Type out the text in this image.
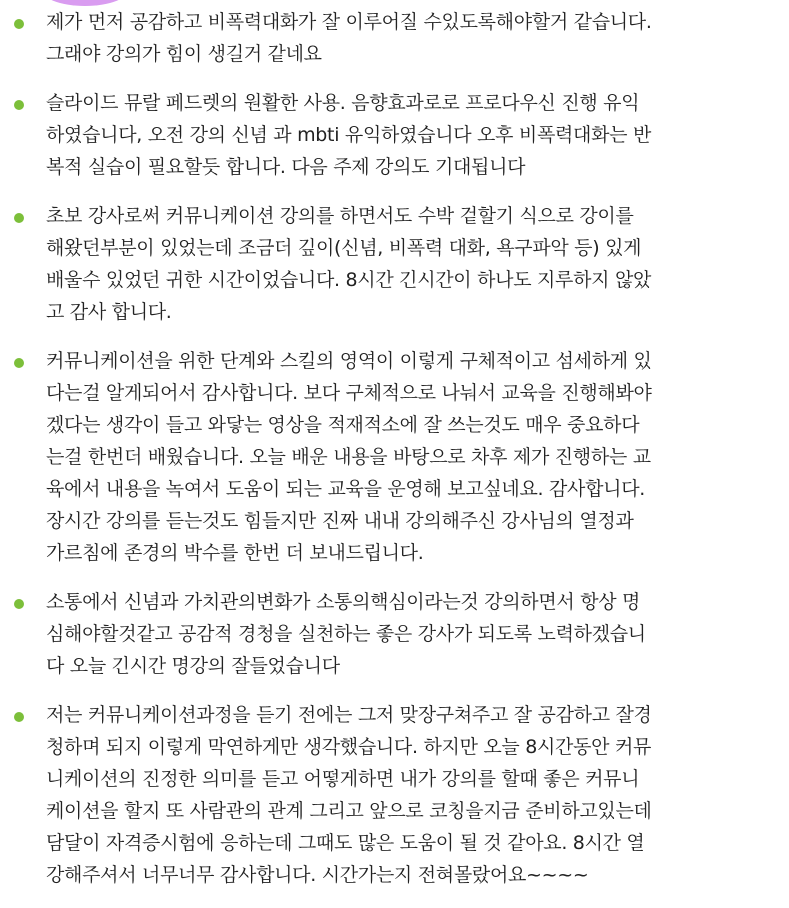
제가 먼저 공감하고 비폭력대화가 잘 이루어질 수있도록해야할거 같습니다.
그래야 강의가 힘이 생길거 같네요
슬라이드 뮤랄 페드렛의 원활한 사용. 음향효과로로 프로다우신 진행 유익
하였습니다, 오전 강의 신념 과 mbti 유익하였습니다 오후 비폭력대화는 반
복적 실습이 필요할듯 합니다. 다음 주제 강의도 기대됩니다
초보 강사로써 커뮤니케이션 강의를 하면서도 수박 겉할기 식으로 강이를
해왔던부분이 있었는데 조금더 깊이(신념, 비폭력 대화, 욕구파악 등) 있게
배울수 있었던 귀한 시간이었습니다. 8시간 긴시간이 하나도 지루하지 않았
고 감사 합니다.
커뮤니케이션을 위한 단계와 스킬의 영역이 이렇게 구체적이고 섬세하게 있
다는걸 알게되어서 감사합니다. 보다 구체적으로 나눠서 교육을 진행해봐야
겠다는 생각이 들고 와닿는 영상을 적재적소에 잘 쓰는것도 매우 중요하다
는걸 한번더 배웠습니다. 오늘 배운 내용을 바탕으로 차후 제가 진행하는 교
육에서 내용을 녹여서 도움이 되는 교육을 운영해 보고싶네요. 감사합니다.
장시간 강의를 듣는것도 힘들지만 진짜 내내 강의해주신 강사님의 열정과
가르침에 존경의 박수를 한번 더 보내드립니다.
소통에서 신념과 가치관의변화가 소통의핵심이라는것 강의하면서 항상 명
심해야할것같고 공감적 경청을 실천하는 좋은 강사가 되도록 노력하겠습니
다 오늘 긴시간 명강의 잘들었습니다
저는 커뮤니케이션과정을 듣기 전에는 그저 맞장구쳐주고 잘 공감하고 잘경
청하며 되지 이렇게 막연하게만 생각했습니다. 하지만 오늘 8시간동안 커뮤
니케이션의 진정한 의미를 듣고 어떻게하면 내가 강의를 할때 좋은 커뮤니
케이션을 할지 또 사람관의 관계 그리고 앞으로 코칭을지금 준비하고있는데
담달이 자격증시험에 응하는데 그때도 많은 도움이 될 것 같아요. 8시간 열
강해주셔서 너무너무 감사합니다. 시간가는지 전혀몰랐어요~~~~
